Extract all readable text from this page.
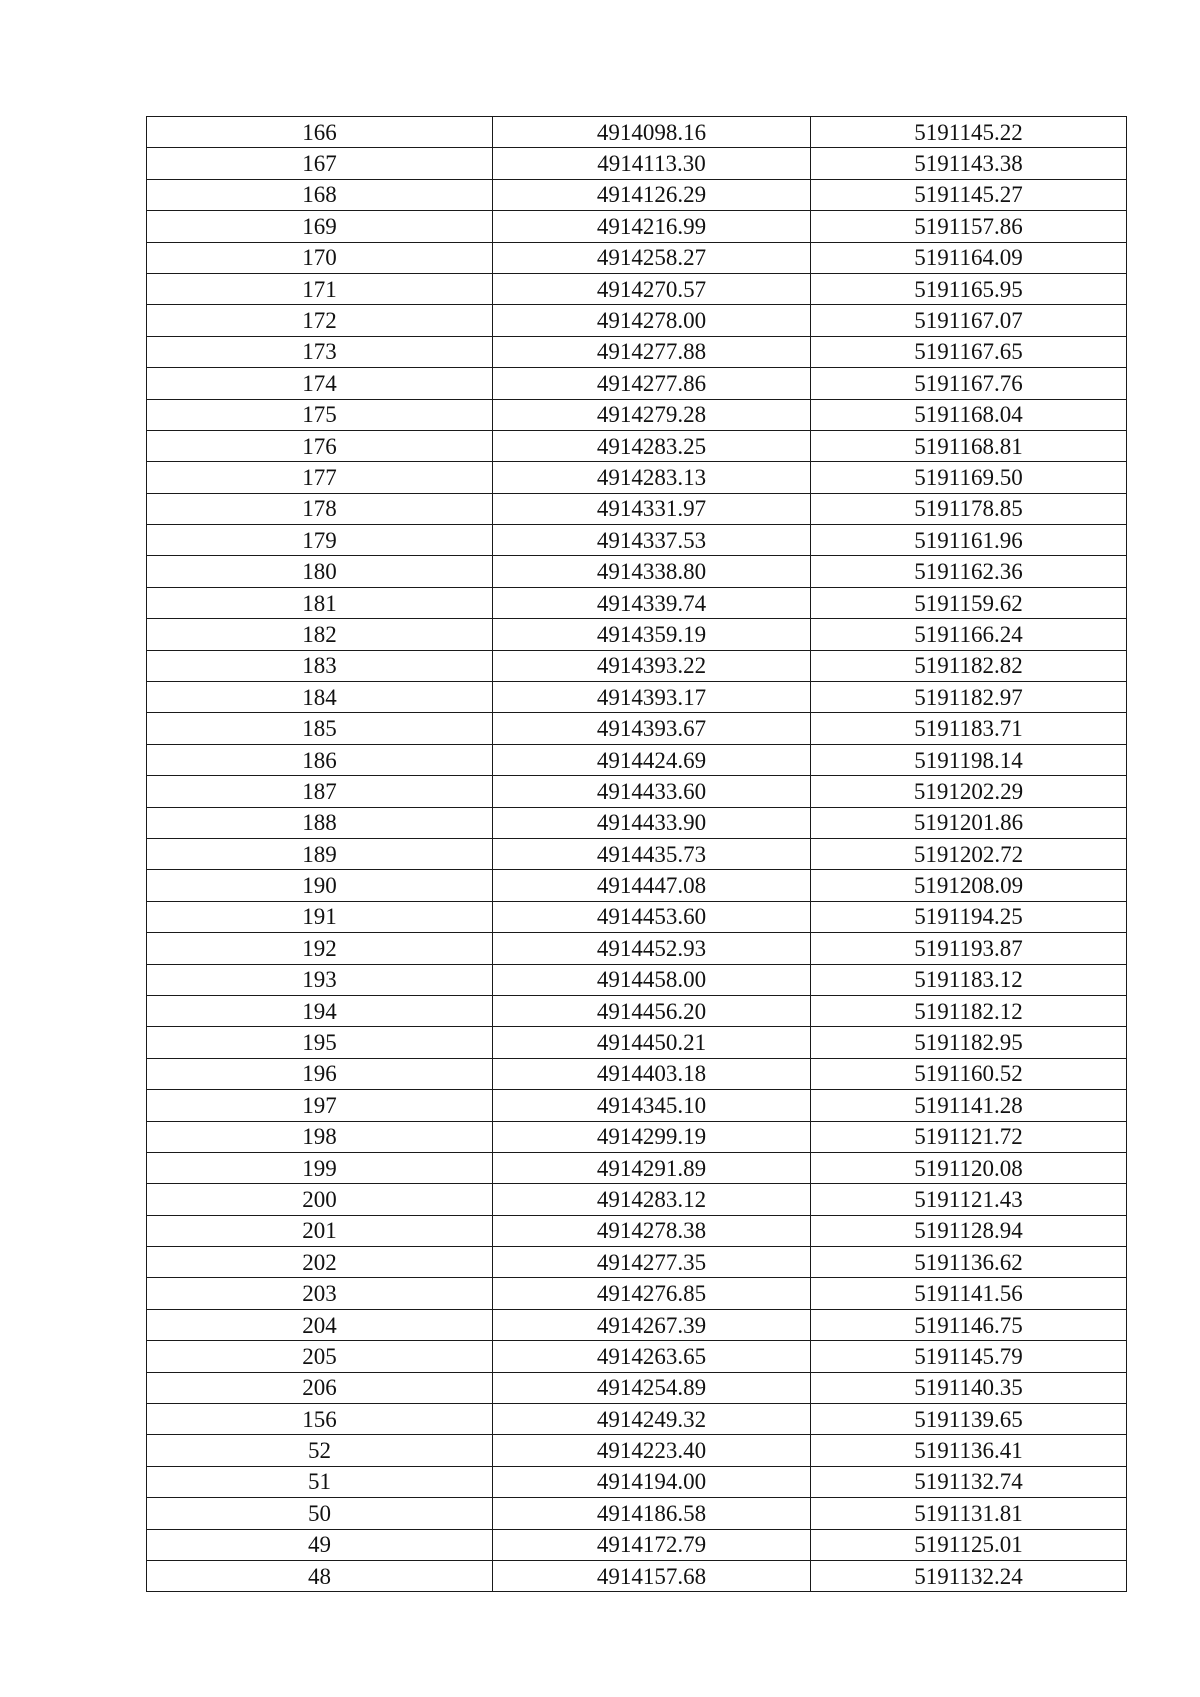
166	4914098.16	5191145.22
167	4914113.30	5191143.38
168	4914126.29	5191145.27
169	4914216.99	5191157.86
170	4914258.27	5191164.09
171	4914270.57	5191165.95
172	4914278.00	5191167.07
173	4914277.88	5191167.65
174	4914277.86	5191167.76
175	4914279.28	5191168.04
176	4914283.25	5191168.81
177	4914283.13	5191169.50
178	4914331.97	5191178.85
179	4914337.53	5191161.96
180	4914338.80	5191162.36
181	4914339.74	5191159.62
182	4914359.19	5191166.24
183	4914393.22	5191182.82
184	4914393.17	5191182.97
185	4914393.67	5191183.71
186	4914424.69	5191198.14
187	4914433.60	5191202.29
188	4914433.90	5191201.86
189	4914435.73	5191202.72
190	4914447.08	5191208.09
191	4914453.60	5191194.25
192	4914452.93	5191193.87
193	4914458.00	5191183.12
194	4914456.20	5191182.12
195	4914450.21	5191182.95
196	4914403.18	5191160.52
197	4914345.10	5191141.28
198	4914299.19	5191121.72
199	4914291.89	5191120.08
200	4914283.12	5191121.43
201	4914278.38	5191128.94
202	4914277.35	5191136.62
203	4914276.85	5191141.56
204	4914267.39	5191146.75
205	4914263.65	5191145.79
206	4914254.89	5191140.35
156	4914249.32	5191139.65
52	4914223.40	5191136.41
51	4914194.00	5191132.74
50	4914186.58	5191131.81
49	4914172.79	5191125.01
48	4914157.68	5191132.24
